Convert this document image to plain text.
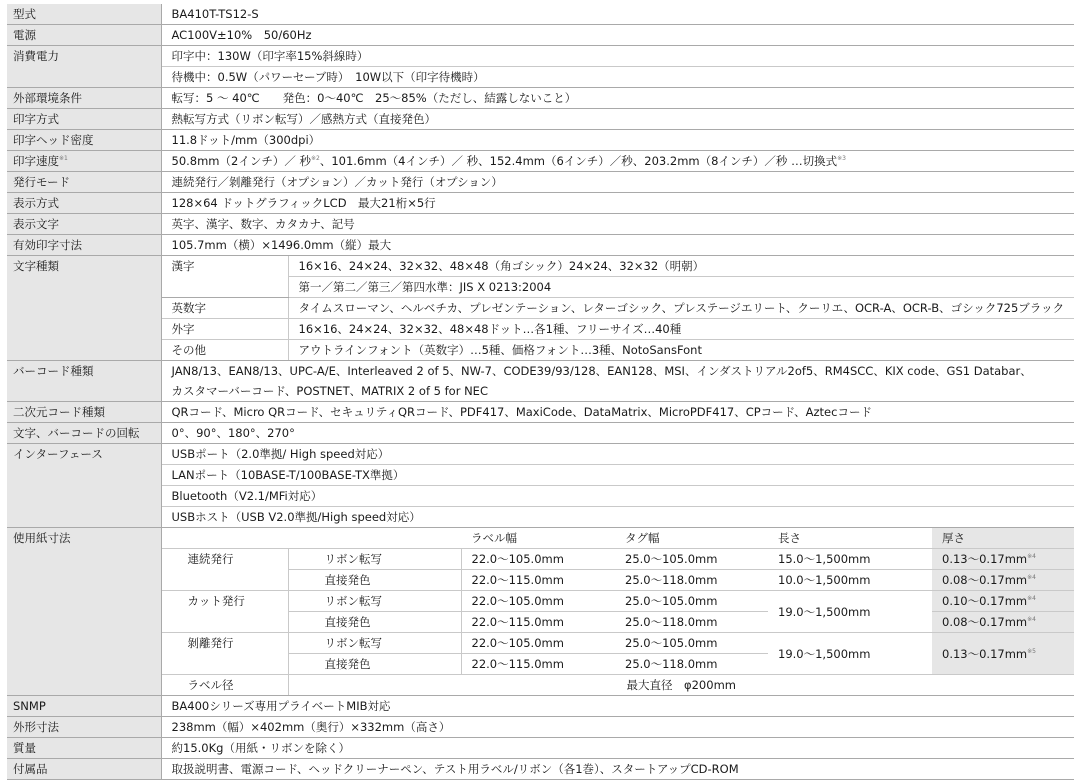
型式	BA410T-TS12-S					
電源	AC100V±10%　50/60Hz					
消費電力	印字中：130W（印字率15%斜線時）					
	待機中：0.5W（パワーセーブ時）　10W以下（印字待機時）					
外部環境条件	転写：5 ～ 40℃　　発色：0～40℃　25～85%（ただし、結露しないこと）					
印字方式	熱転写方式（リボン転写）／感熱方式（直接発色）					
印字ヘッド密度	11.8ドット/mm（300dpi）					
印字速度$^{※1}$	50.8mm（2インチ）／ 秒$^{※2}$、101.6mm（4インチ）／ 秒、152.4mm（6インチ）／秒、203.2mm（8インチ）／秒 …切換式$^{※3}$
発行モード	連続発行／剝離発行（オプション）／カット発行（オプション）					
表示方式	128×64 ドットグラフィックLCD　最大21桁×5行					
表示文字	英字、漢字、数字、カタカナ、記号					
有効印字寸法	105.7mm（横）×1496.0mm（縦）最大					
文字種類	漢字	16×16、24×24、32×32、48×48（角ゴシック）24×24、32×32（明朝）				
		第一／第二／第三／第四水準：JIS X 0213:2004				
	英数字	タイムスローマン、ヘルベチカ、プレゼンテーション、レターゴシック、プレステージエリート、クーリエ、OCR-A、OCR-B、ゴシック725ブラック				
	外字	16×16、24×24、32×32、48×48ドット…各1種、フリーサイズ…40種				
	その他	アウトラインフォント（英数字）…5種、価格フォント…3種、NotoSansFont				
バーコード種類	JAN8/13、EAN8/13、UPC-A/E、Interleaved 2 of 5、NW-7、CODE39/93/128、EAN128、MSI、インダストリアル2of5、RM4SCC、KIX code、GS1 Databar、					
	カスタマーバーコード、POSTNET、MATRIX 2 of 5 for NEC					
二次元コード種類	QRコード、Micro QRコード、セキュリティQRコード、PDF417、MaxiCode、DataMatrix、MicroPDF417、CPコード、Aztecコード					
文字、バーコードの回転	0°、90°、180°、270°					
インターフェース	USBポート（2.0準拠/ High speed対応）					
	LANポート（10BASE-T/100BASE-TX準拠）					
	Bluetooth（V2.1/MFi対応）					
	USBホスト（USB V2.0準拠/High speed対応）					
使用紙寸法			ラベル幅	タグ幅	長さ	厚さ
	連続発行	リボン転写	22.0～105.0mm	25.0～105.0mm	15.0～1,500mm	$0.13\sim 0.17mm^{※4}$
		直接発色	22.0～115.0mm	25.0～118.0mm	10.0～1,500mm	$0.08\sim 0.17mm^{※4}$
	カット発行	リボン転写	22.0～105.0mm	25.0～105.0mm	19.0～1,500mm	$0.10\sim 0.17mm^{※4}$
		直接発色	22.0～115.0mm	25.0～118.0mm		$0.08\sim 0.17mm^{※4}$
	剝離発行	リボン転写	22.0～105.0mm	25.0～105.0mm	19.0～1,500mm	$0.13\sim 0.17mm^{※5}$
		直接発色	22.0～115.0mm	25.0～118.0mm		
	ラベル径	最大直径　φ200mm				
SNMP	BA400シリーズ専用プライベートMIB対応					
外形寸法	238mm（幅）×402mm（奥行）×332mm（高さ）					
質量	約15.0Kg（用紙・リボンを除く）					
付属品	取扱説明書、電源コード、ヘッドクリーナーペン、テスト用ラベル/リボン（各1巻）、スタートアップCD-ROM					
